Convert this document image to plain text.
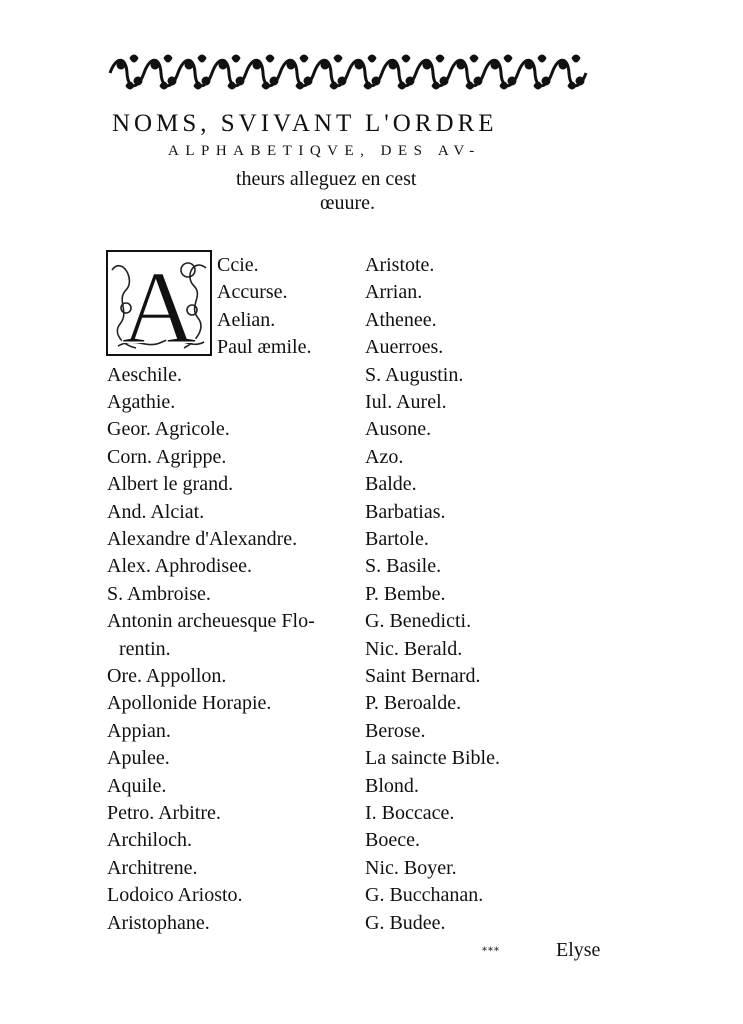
NOMS, SVIVANT L'ORDRE
ALPHABETIQVE, DES AV-
theurs alleguez en cest
œuure.
A Ccie.
Accurse.
Aelian.
Paul æmile.
Aeschile.
Agathie.
Geor. Agricole.
Corn. Agrippe.
Albert le grand.
And. Alciat.
Alexandre d'Alexandre.
Alex. Aphrodisee.
S. Ambroise.
Antonin archeuesque Flo-
rentin.
Ore. Appollon.
Apollonide Horapie.
Appian.
Apulee.
Aquile.
Petro. Arbitre.
Archiloch.
Architrene.
Lodoico Ariosto.
Aristophane.
Aristote.
Arrian.
Athenee.
Auerroes.
S. Augustin.
Iul. Aurel.
Ausone.
Azo.
Balde.
Barbatias.
Bartole.
S. Basile.
P. Bembe.
G. Benedicti.
Nic. Berald.
Saint Bernard.
P. Beroalde.
Berose.
La saincte Bible.
Blond.
I. Boccace.
Boece.
Nic. Boyer.
G. Bucchanan.
G. Budee.
***	Elyse
